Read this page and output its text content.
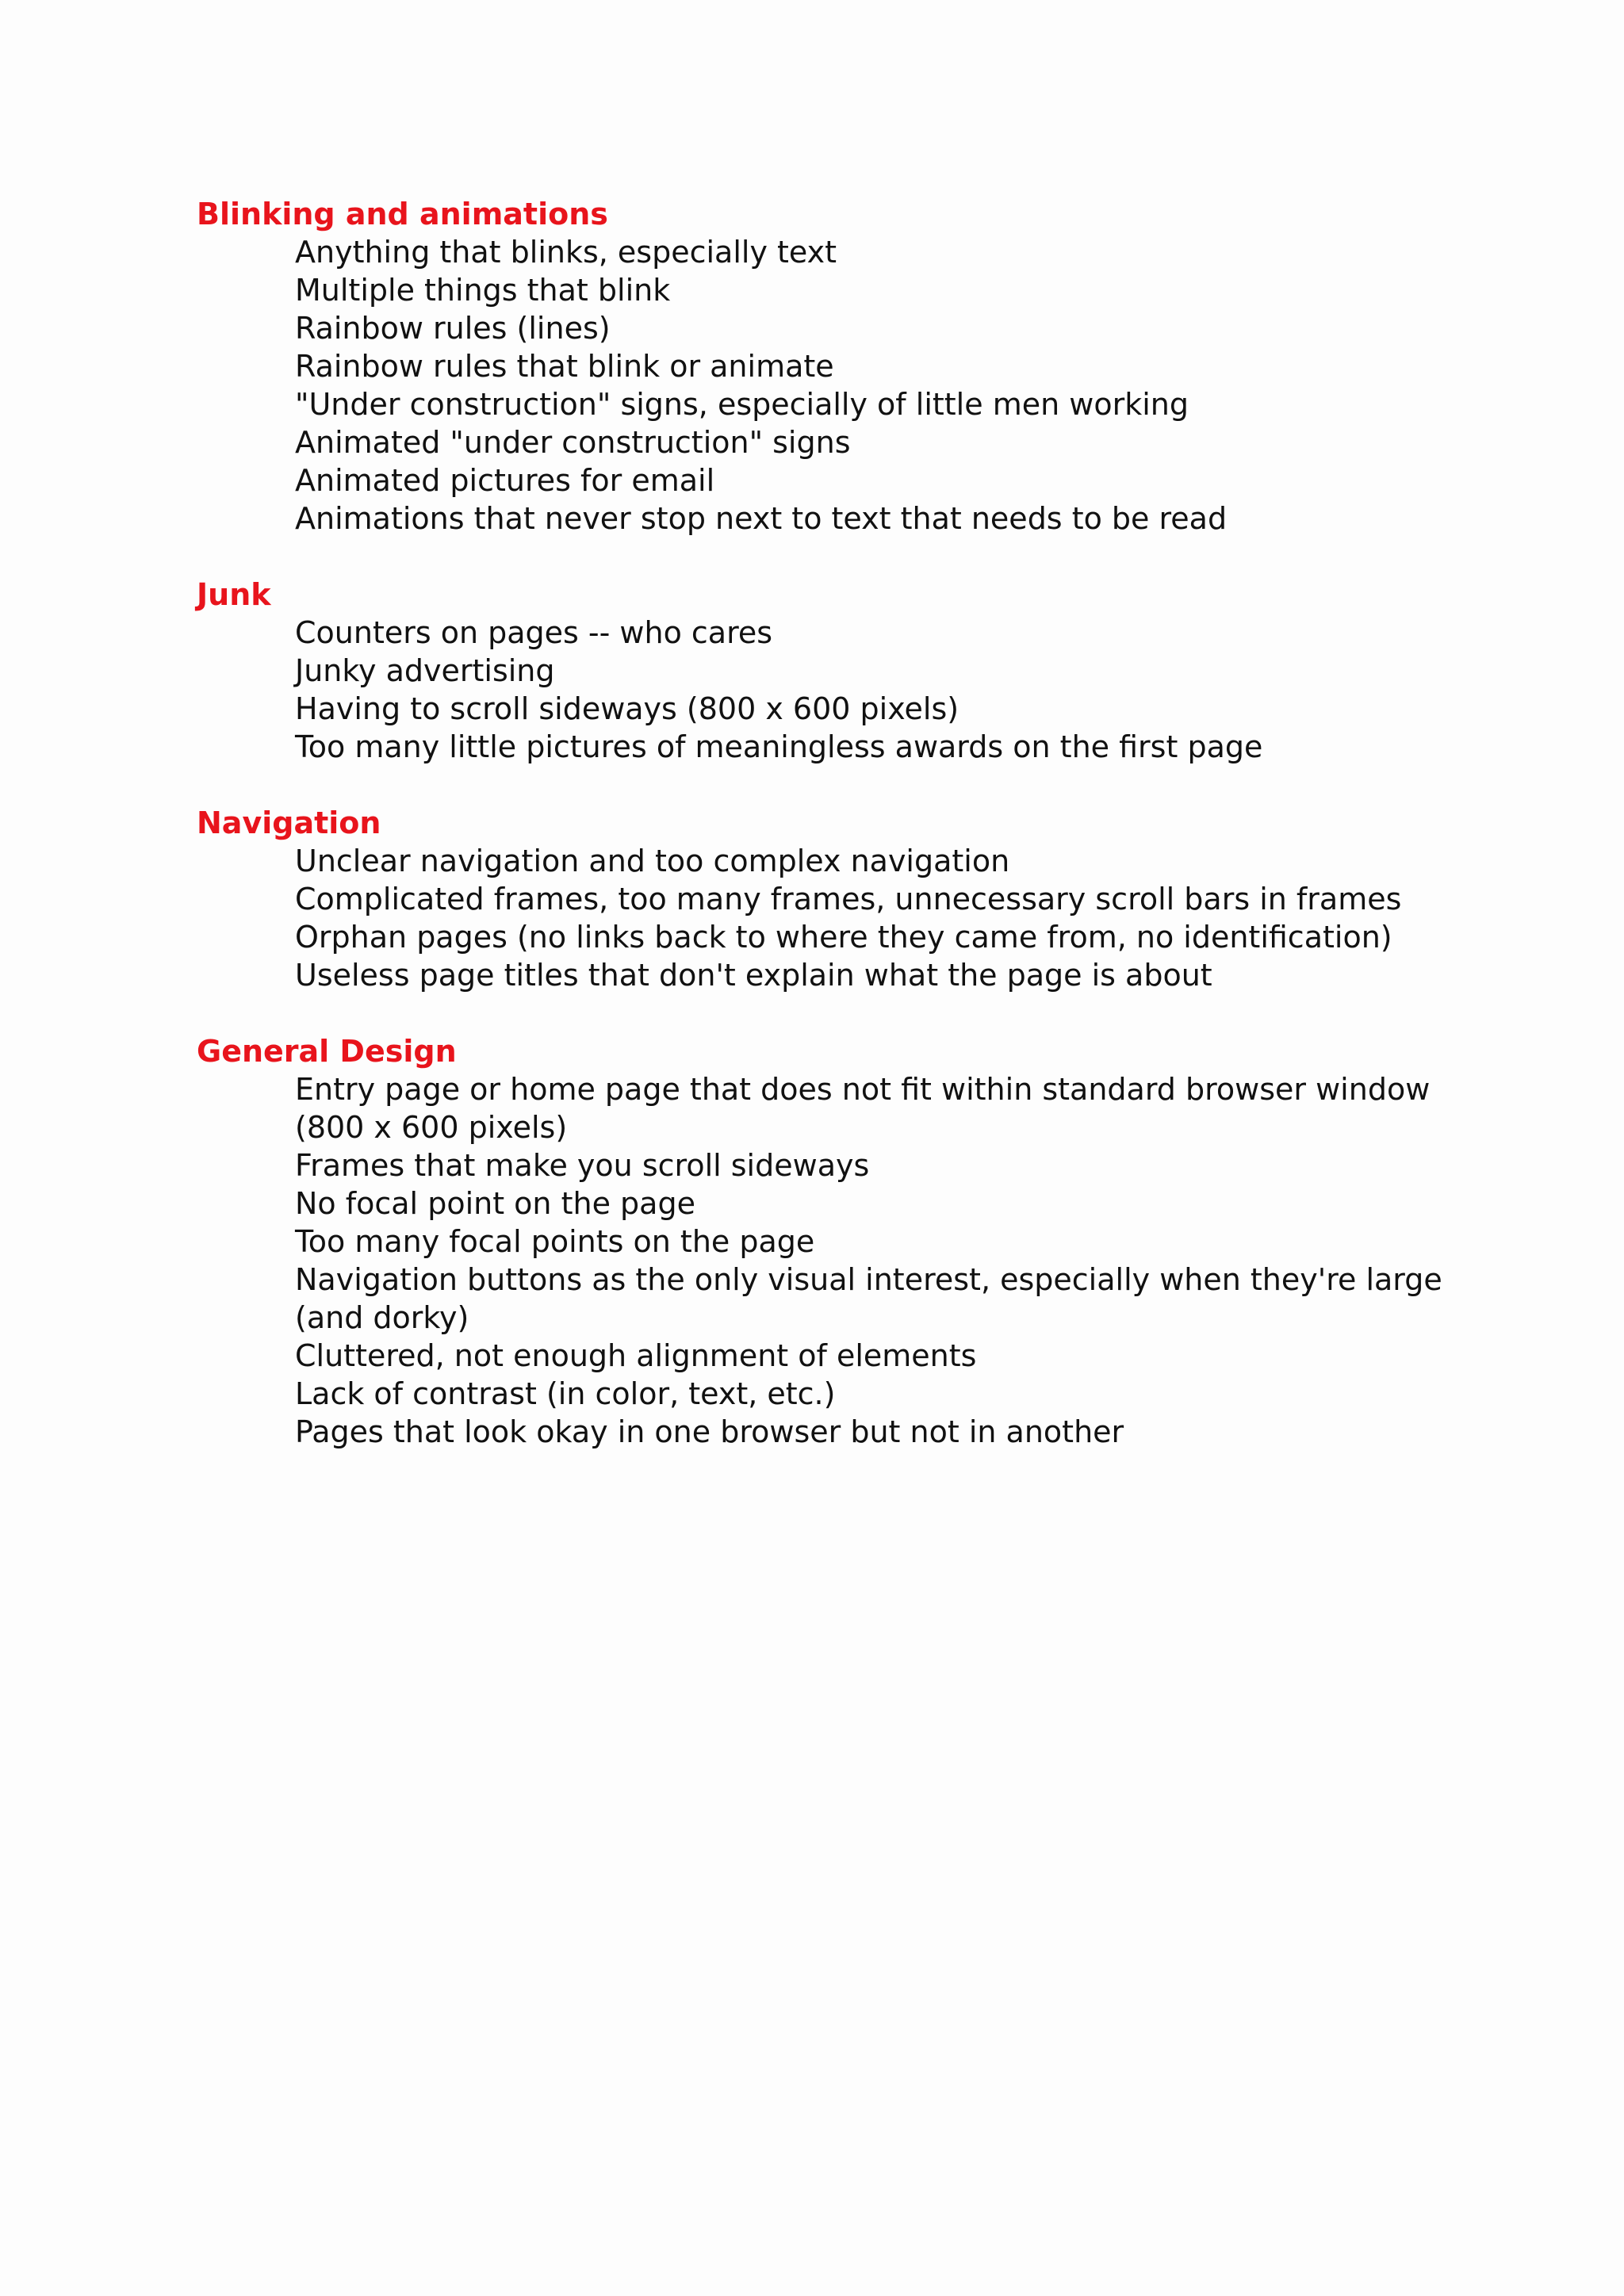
Blinking and animations
Anything that blinks, especially text
Multiple things that blink
Rainbow rules (lines)
Rainbow rules that blink or animate
"Under construction" signs, especially of little men working
Animated "under construction" signs
Animated pictures for email
Animations that never stop next to text that needs to be read
Junk
Counters on pages -- who cares
Junky advertising
Having to scroll sideways (800 x 600 pixels)
Too many little pictures of meaningless awards on the first page
Navigation
Unclear navigation and too complex navigation
Complicated frames, too many frames, unnecessary scroll bars in frames
Orphan pages (no links back to where they came from, no identification)
Useless page titles that don't explain what the page is about
General Design
Entry page or home page that does not fit within standard browser window (800 x 600 pixels)
Frames that make you scroll sideways
No focal point on the page
Too many focal points on the page
Navigation buttons as the only visual interest, especially when they're large (and dorky)
Cluttered, not enough alignment of elements
Lack of contrast (in color, text, etc.)
Pages that look okay in one browser but not in another
